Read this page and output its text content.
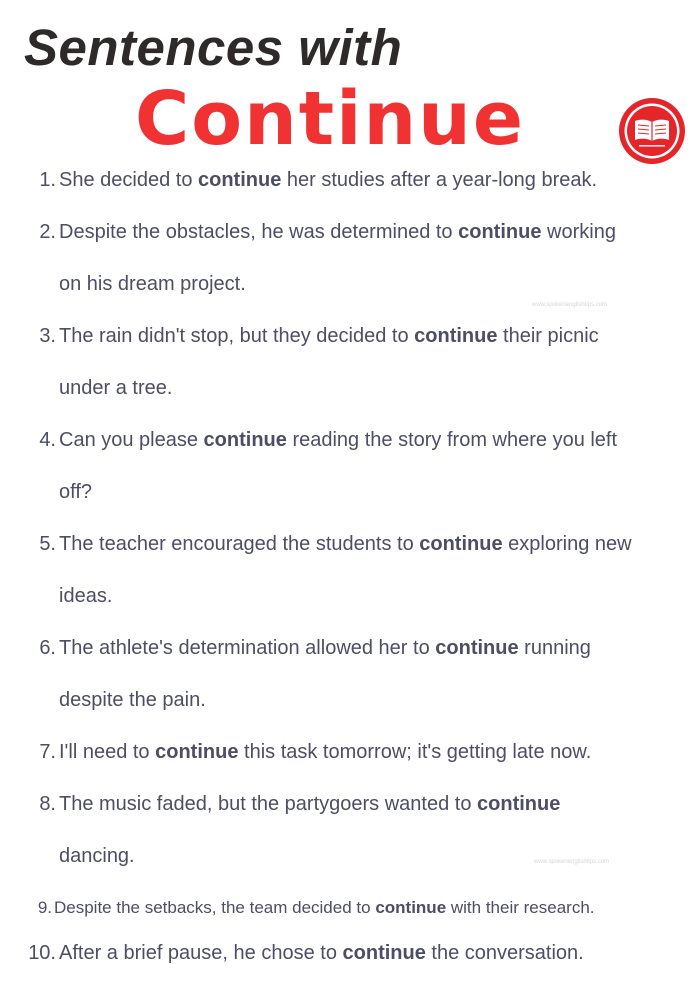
Sentences with
Continue
1. She decided to continue her studies after a year-long break.
2. Despite the obstacles, he was determined to continue working
on his dream project.
3. The rain didn't stop, but they decided to continue their picnic
under a tree.
4. Can you please continue reading the story from where you left
off?
5. The teacher encouraged the students to continue exploring new
ideas.
6. The athlete's determination allowed her to continue running
despite the pain.
7. I'll need to continue this task tomorrow; it's getting late now.
8. The music faded, but the partygoers wanted to continue
dancing.
9. Despite the setbacks, the team decided to continue with their research.
10. After a brief pause, he chose to continue the conversation.
www.spokenenglishtips.com
www.spokenenglishtips.com
